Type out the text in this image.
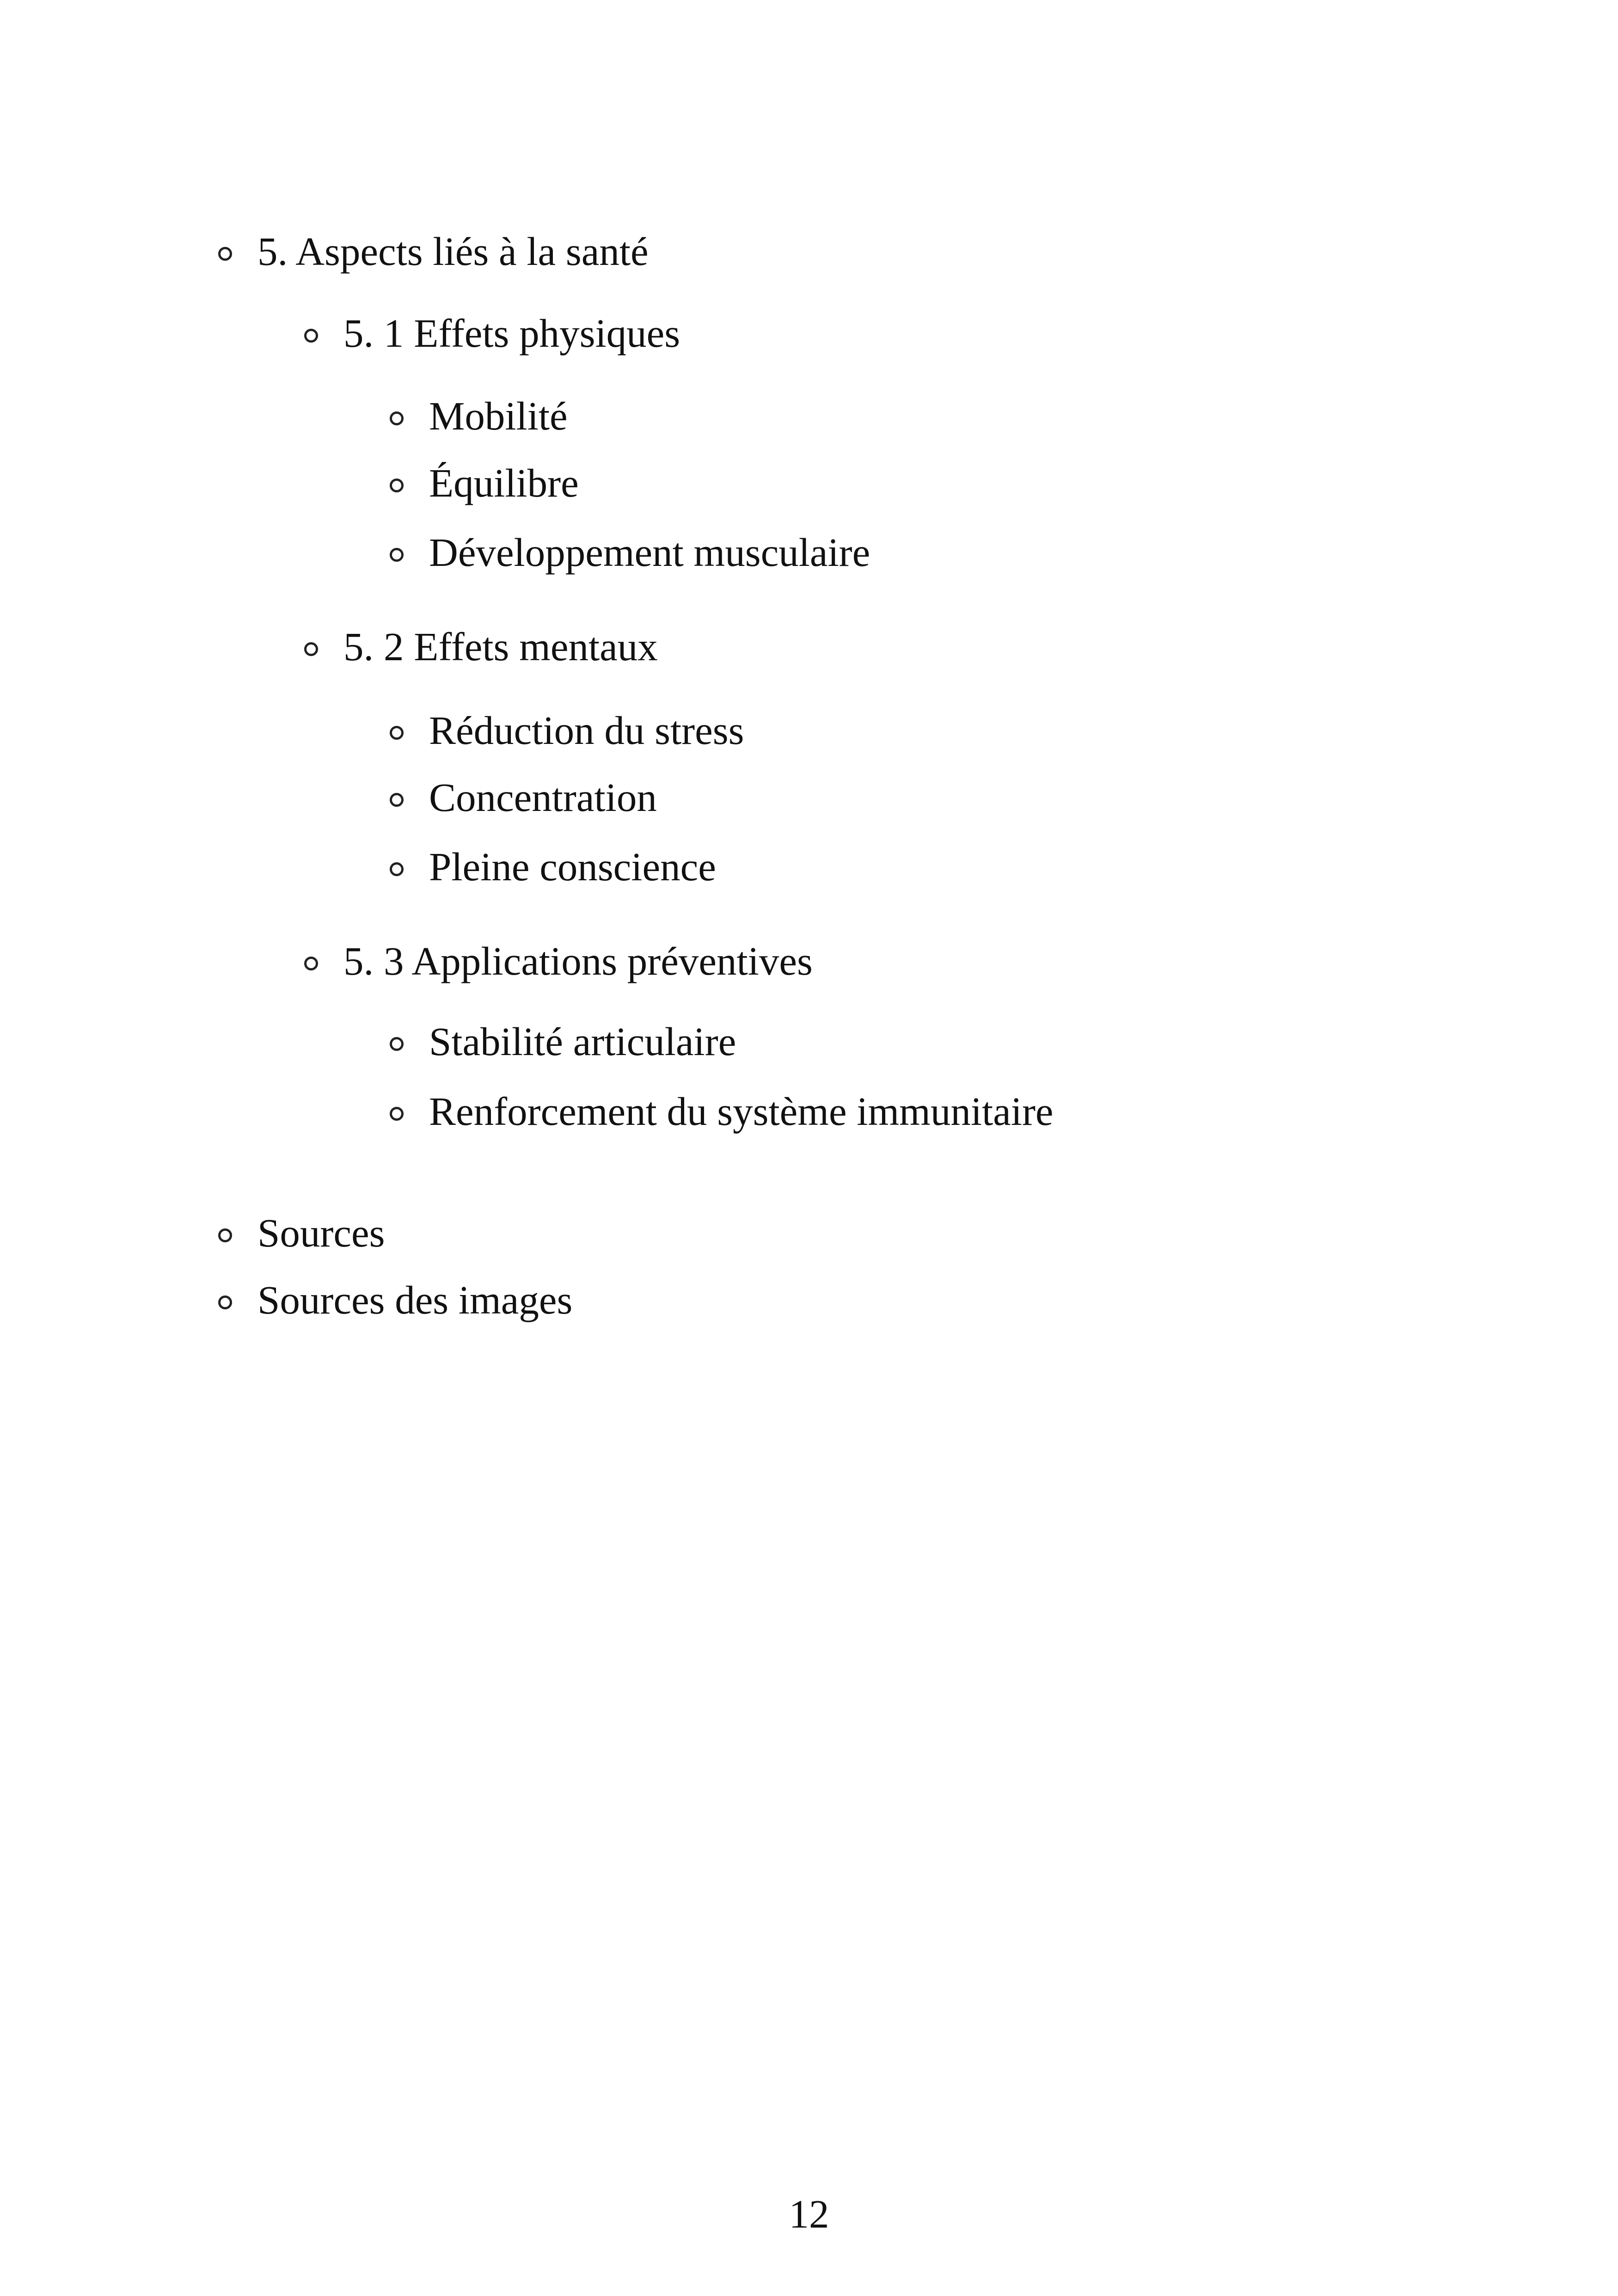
5. Aspects liés à la santé
5. 1 Effets physiques
Mobilité
Équilibre
Développement musculaire
5. 2 Effets mentaux
Réduction du stress
Concentration
Pleine conscience
5. 3 Applications préventives
Stabilité articulaire
Renforcement du système immunitaire
Sources
Sources des images
12
